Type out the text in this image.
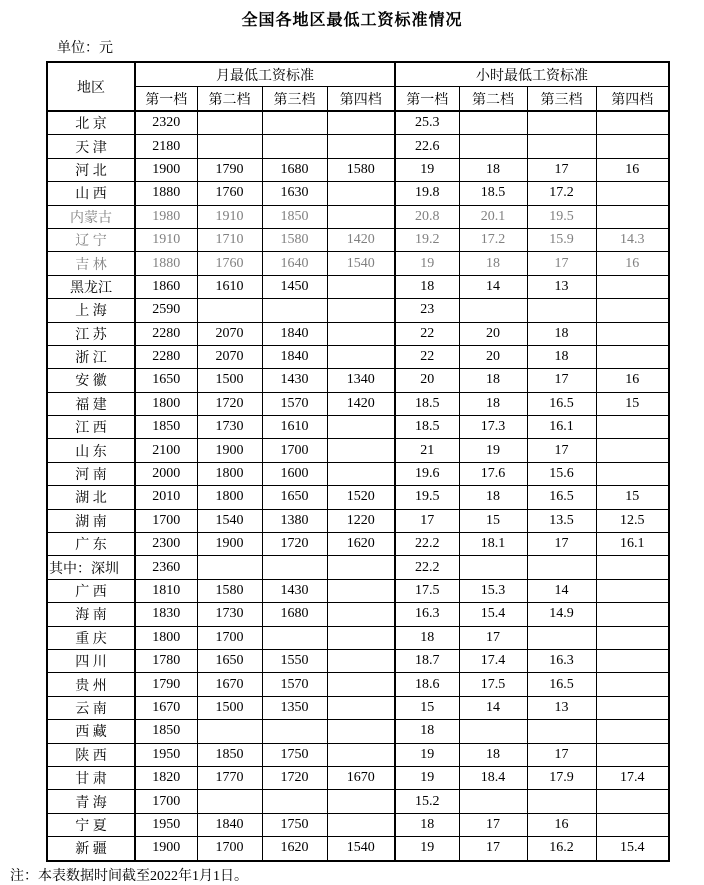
全国各地区最低工资标准情况
单位：元
地区	月最低工资标准				小时最低工资标准			
	第一档	第二档	第三档	第四档	第一档	第二档	第三档	第四档
北 京	2320				25.3			
天 津	2180				22.6			
河 北	1900	1790	1680	1580	19	18	17	16
山 西	1880	1760	1630		19.8	18.5	17.2	
内蒙古	1980	1910	1850		20.8	20.1	19.5	
辽 宁	1910	1710	1580	1420	19.2	17.2	15.9	14.3
吉 林	1880	1760	1640	1540	19	18	17	16
黑龙江	1860	1610	1450		18	14	13	
上 海	2590				23			
江 苏	2280	2070	1840		22	20	18	
浙 江	2280	2070	1840		22	20	18	
安 徽	1650	1500	1430	1340	20	18	17	16
福 建	1800	1720	1570	1420	18.5	18	16.5	15
江 西	1850	1730	1610		18.5	17.3	16.1	
山 东	2100	1900	1700		21	19	17	
河 南	2000	1800	1600		19.6	17.6	15.6	
湖 北	2010	1800	1650	1520	19.5	18	16.5	15
湖 南	1700	1540	1380	1220	17	15	13.5	12.5
广 东	2300	1900	1720	1620	22.2	18.1	17	16.1
其中：深圳	2360				22.2			
广 西	1810	1580	1430		17.5	15.3	14	
海 南	1830	1730	1680		16.3	15.4	14.9	
重 庆	1800	1700			18	17		
四 川	1780	1650	1550		18.7	17.4	16.3	
贵 州	1790	1670	1570		18.6	17.5	16.5	
云 南	1670	1500	1350		15	14	13	
西 藏	1850				18			
陕 西	1950	1850	1750		19	18	17	
甘 肃	1820	1770	1720	1670	19	18.4	17.9	17.4
青 海	1700				15.2			
宁 夏	1950	1840	1750		18	17	16	
新 疆	1900	1700	1620	1540	19	17	16.2	15.4
注：本表数据时间截至2022年1月1日。
